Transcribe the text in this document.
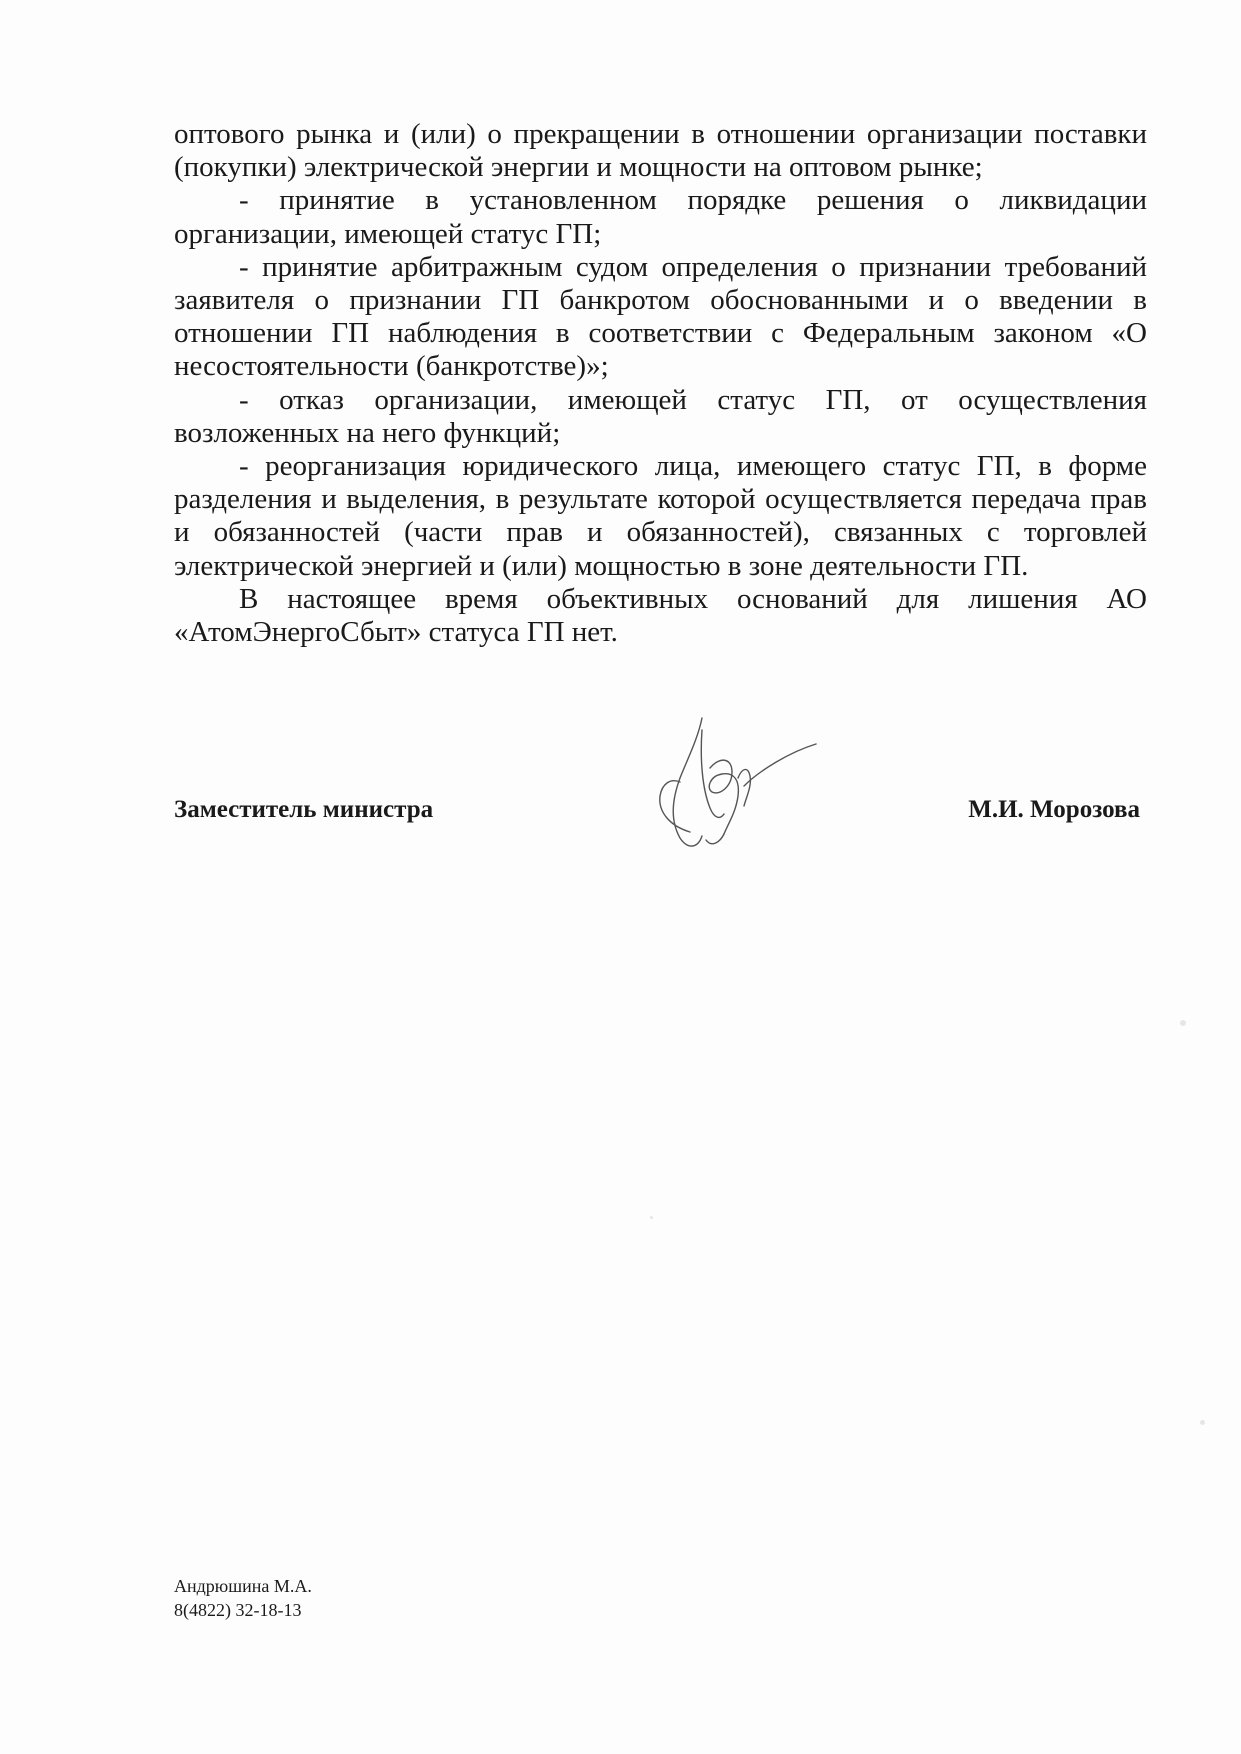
оптового рынка и (или) о прекращении в отношении организации поставки (покупки) электрической энергии и мощности на оптовом рынке;

- принятие в установленном порядке решения о ликвидации организации, имеющей статус ГП;

- принятие арбитражным судом определения о признании требований заявителя о признании ГП банкротом обоснованными и о введении в отношении ГП наблюдения в соответствии с Федеральным законом «О несостоятельности (банкротстве)»;

- отказ организации, имеющей статус ГП, от осуществления возложенных на него функций;

- реорганизация юридического лица, имеющего статус ГП, в форме разделения и выделения, в результате которой осуществляется передача прав и обязанностей (части прав и обязанностей), связанных с торговлей электрической энергией и (или) мощностью в зоне деятельности ГП.

В настоящее время объективных оснований для лишения АО «АтомЭнергоСбыт» статуса ГП нет.

Заместитель министра	М.И. Морозова
Андрюшина М.А.
8(4822) 32-18-13
